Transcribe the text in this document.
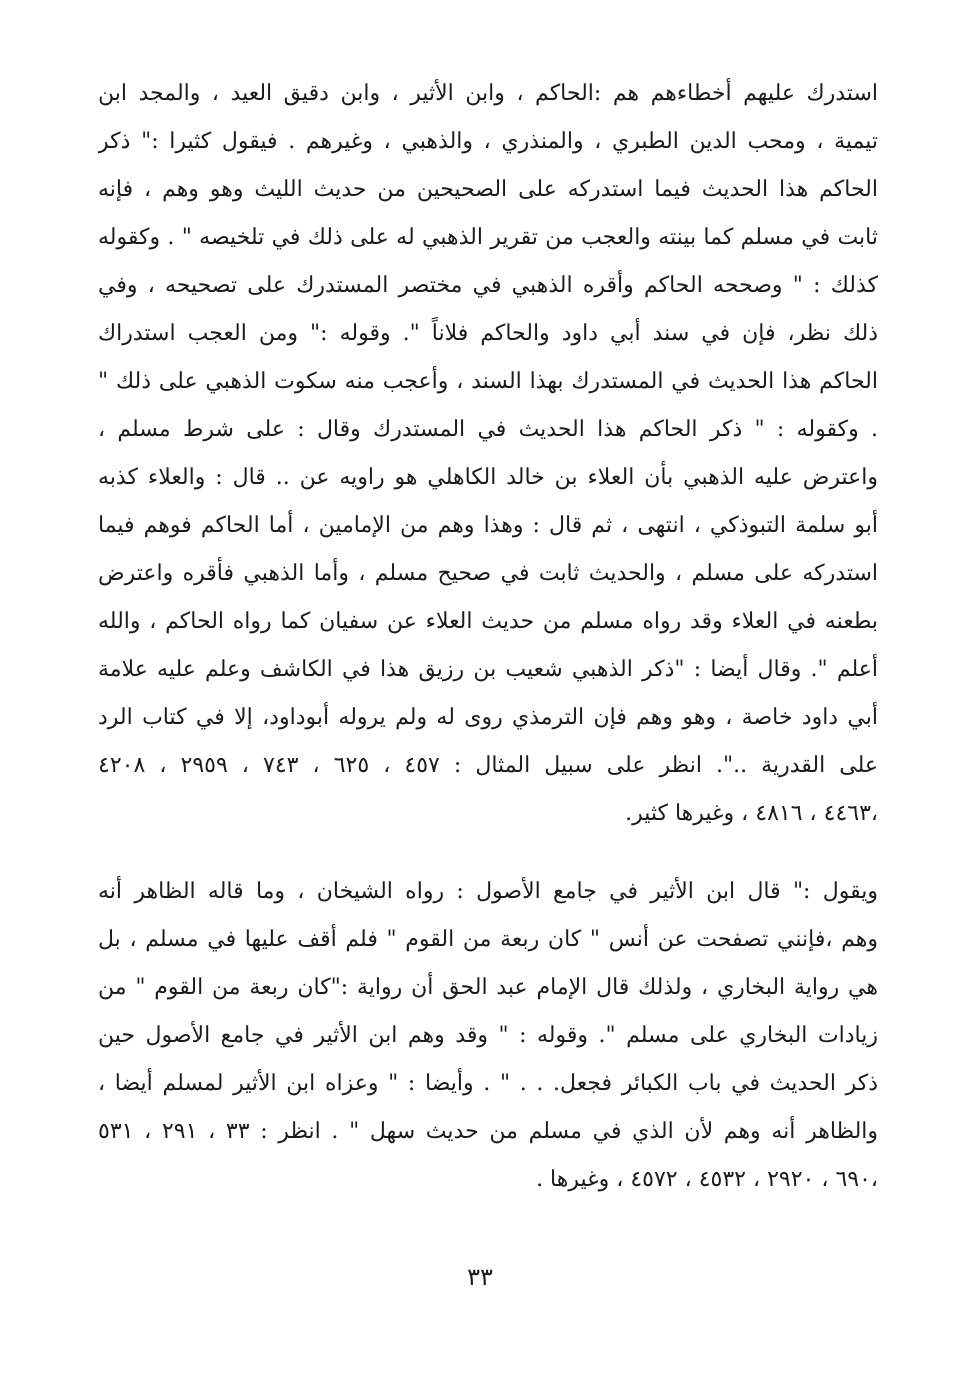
استدرك عليهم أخطاءهم هم :الحاكم ، وابن الأثير ، وابن دقيق العيد ، والمجد ابن
تيمية ، ومحب الدين الطبري ، والمنذري ، والذهبي ، وغيرهم . فيقول كثيرا :" ذكر
الحاكم هذا الحديث فيما استدركه على الصحيحين من حديث الليث وهو وهم ، فإنه
ثابت في مسلم كما بينته والعجب من تقرير الذهبي له على ذلك في تلخيصه " . وكقوله
كذلك : " وصححه الحاكم وأقره الذهبي في مختصر المستدرك على تصحيحه ، وفي
ذلك نظر، فإن في سند أبي داود والحاكم فلاناً ". وقوله :" ومن العجب استدراك
الحاكم هذا الحديث في المستدرك بهذا السند ، وأعجب منه سكوت الذهبي على ذلك "
. وكقوله : " ذكر الحاكم هذا الحديث في المستدرك وقال : على شرط مسلم ،
واعترض عليه الذهبي بأن العلاء بن خالد الكاهلي هو راويه عن .. قال : والعلاء كذبه
أبو سلمة التبوذكي ، انتهى ، ثم قال : وهذا وهم من الإمامين ، أما الحاكم فوهم فيما
استدركه على مسلم ، والحديث ثابت في صحيح مسلم ، وأما الذهبي فأقره واعترض
بطعنه في العلاء وقد رواه مسلم من حديث العلاء عن سفيان كما رواه الحاكم ، والله
أعلم ". وقال أيضا : "ذكر الذهبي شعيب بن رزيق هذا في الكاشف وعلم عليه علامة
أبي داود خاصة ، وهو وهم فإن الترمذي روى له ولم يروله أبوداود، إلا في كتاب الرد
على القدرية ..". انظر على سبيل المثال : ٤٥٧ ، ٦٢٥ ، ٧٤٣ ، ٢٩٥٩ ، ٤٢٠٨
،٤٤٦٣ ، ٤٨١٦ ، وغيرها كثير.
ويقول :" قال ابن الأثير في جامع الأصول : رواه الشيخان ، وما قاله الظاهر أنه
وهم ،فإنني تصفحت عن أنس " كان ربعة من القوم " فلم أقف عليها في مسلم ، بل
هي رواية البخاري ، ولذلك قال الإمام عبد الحق أن رواية :"كان ربعة من القوم " من
زيادات البخاري على مسلم ". وقوله : " وقد وهم ابن الأثير في جامع الأصول حين
ذكر الحديث في باب الكبائر فجعل. . . " . وأيضا : " وعزاه ابن الأثير لمسلم أيضا ،
والظاهر أنه وهم لأن الذي في مسلم من حديث سهل " . انظر : ٣٣ ، ٢٩١ ، ٥٣١
،٦٩٠ ، ٢٩٢٠ ، ٤٥٣٢ ، ٤٥٧٢ ، وغيرها .
٣٣
